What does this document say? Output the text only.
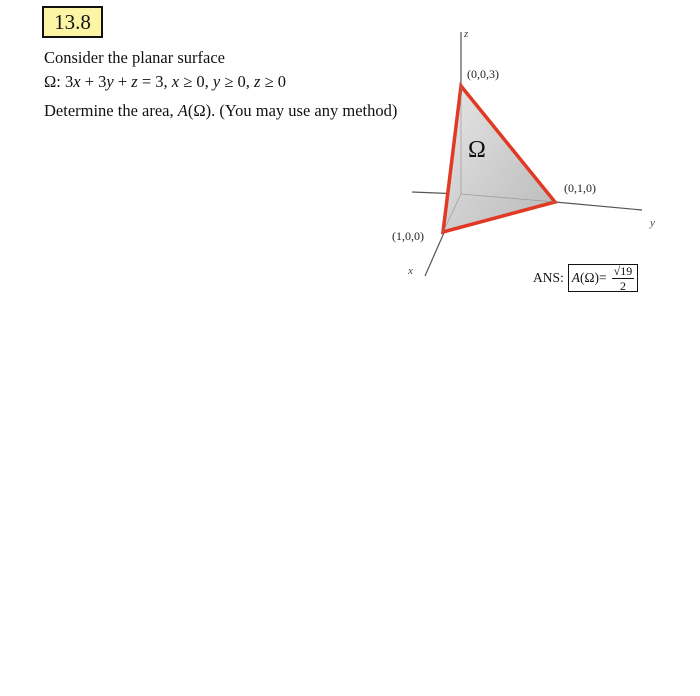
13.8
Consider the planar surface
Ω: 3x + 3y + z = 3, x ≥ 0, y ≥ 0, z ≥ 0
Determine the area, A(Ω). (You may use any method)
z
y
x
(0,0,3)
(0,1,0)
(1,0,0)
Ω
ANS: A $(\Omega) = \frac{√19}{2}$
